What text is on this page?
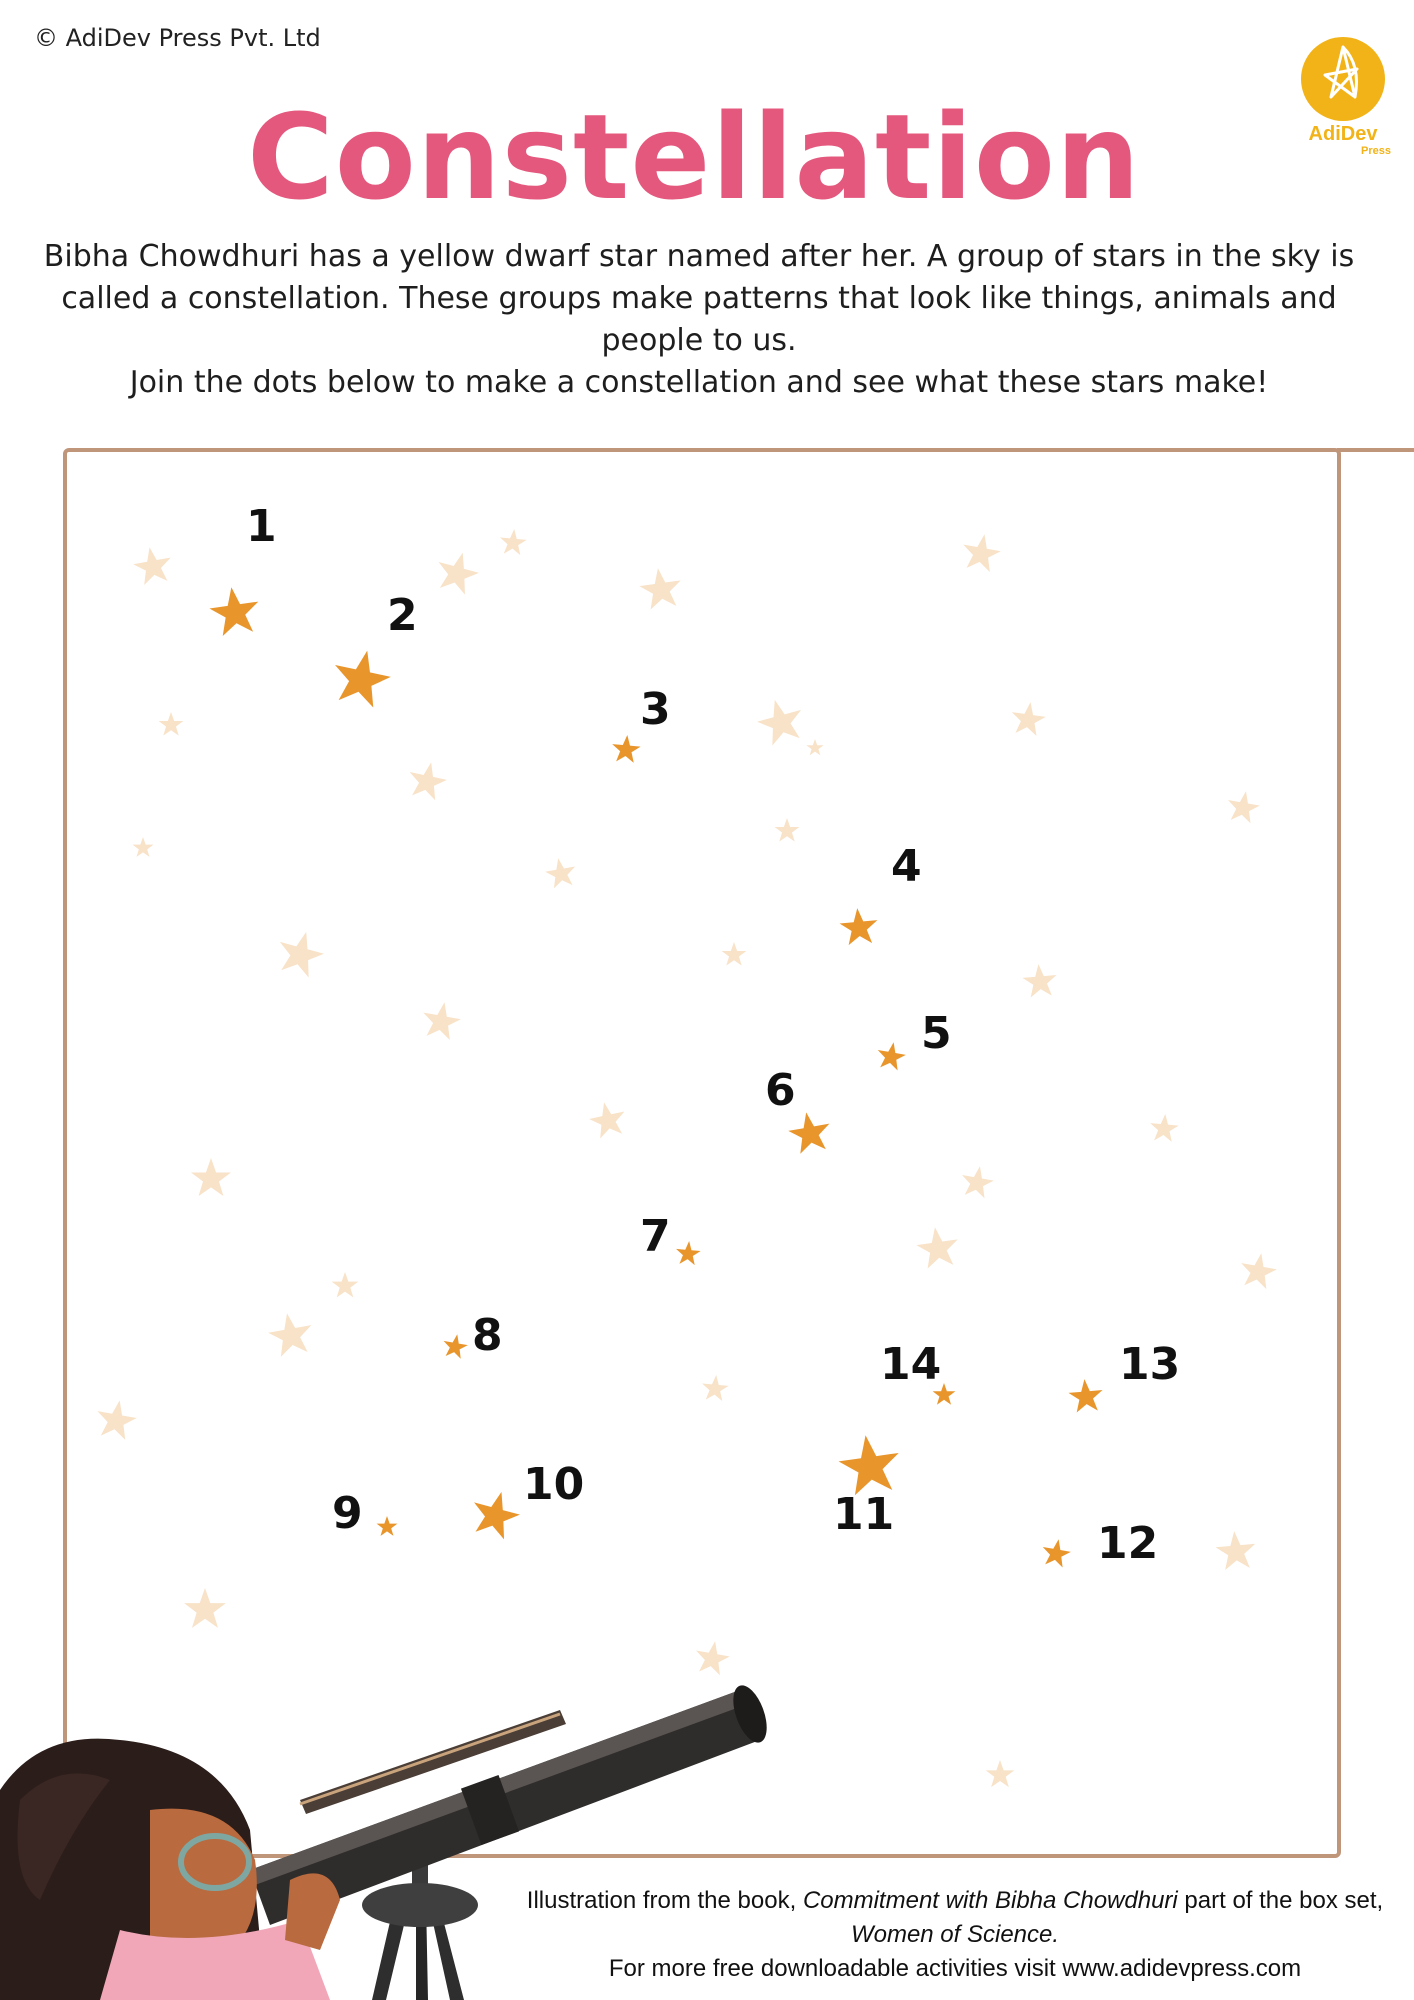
© AdiDev Press Pvt. Ltd
AdiDev
Press
Constellation

Bibha Chowdhuri has a yellow dwarf star named after her. A group of stars in the sky is called a constellation. These groups make patterns that look like things, animals and people to us.

Join the dots below to make a constellation and see what these stars make!

1
2
3
4
5
6
7
8
9
10
11
12
13
14
Illustration from the book, Commitment with Bibha Chowdhuri part of the box set, Women of Science.
For more free downloadable activities visit www.adidevpress.com
